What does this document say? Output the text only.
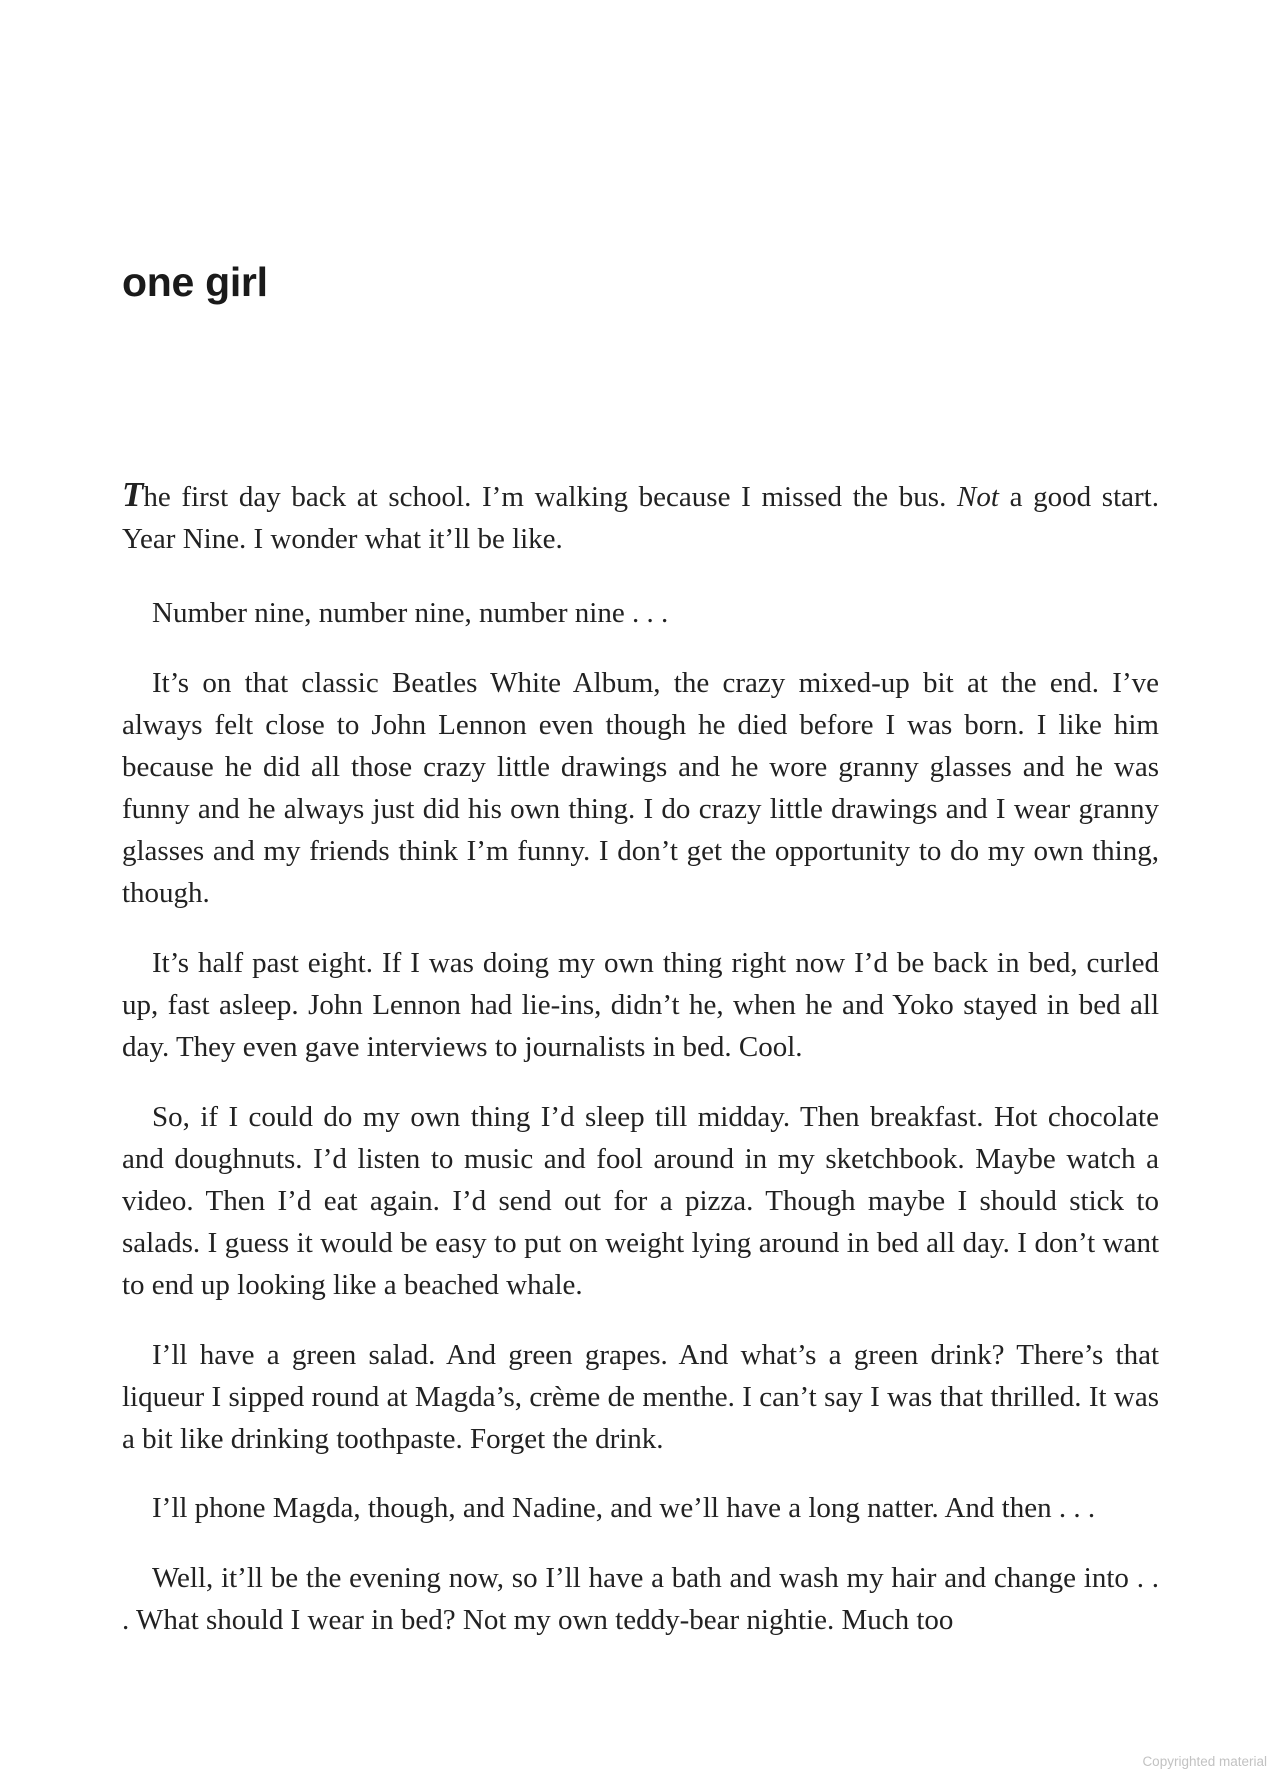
one girl

The first day back at school. I’m walking because I missed the bus. Not a good start. Year Nine. I wonder what it’ll be like.

Number nine, number nine, number nine . . .

It’s on that classic Beatles White Album, the crazy mixed-up bit at the end. I’ve always felt close to John Lennon even though he died before I was born. I like him because he did all those crazy little drawings and he wore granny glasses and he was funny and he always just did his own thing. I do crazy little drawings and I wear granny glasses and my friends think I’m funny. I don’t get the opportunity to do my own thing, though.

It’s half past eight. If I was doing my own thing right now I’d be back in bed, curled up, fast asleep. John Lennon had lie-ins, didn’t he, when he and Yoko stayed in bed all day. They even gave interviews to journalists in bed. Cool.

So, if I could do my own thing I’d sleep till midday. Then breakfast. Hot chocolate and doughnuts. I’d listen to music and fool around in my sketchbook. Maybe watch a video. Then I’d eat again. I’d send out for a pizza. Though maybe I should stick to salads. I guess it would be easy to put on weight lying around in bed all day. I don’t want to end up looking like a beached whale.

I’ll have a green salad. And green grapes. And what’s a green drink? There’s that liqueur I sipped round at Magda’s, crème de menthe. I can’t say I was that thrilled. It was a bit like drinking toothpaste. Forget the drink.

I’ll phone Magda, though, and Nadine, and we’ll have a long natter. And then . . .

Well, it’ll be the evening now, so I’ll have a bath and wash my hair and change into . . . What should I wear in bed? Not my own teddy-bear nightie. Much too

Copyrighted material
